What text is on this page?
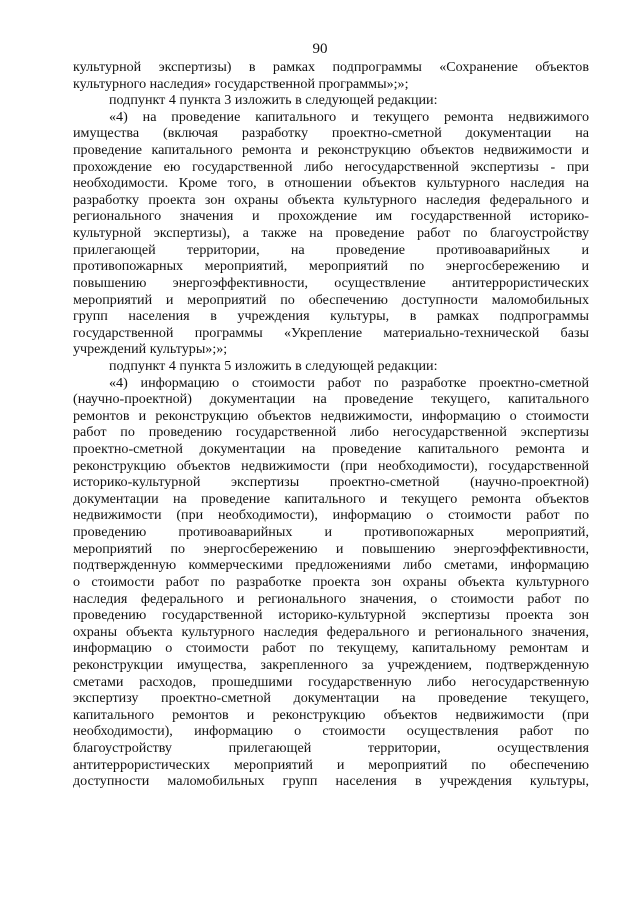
90
культурной экспертизы) в рамках подпрограммы «Сохранение объектов
культурного наследия» государственной программы»;»;
подпункт 4 пункта 3 изложить в следующей редакции:
«4) на проведение капитального и текущего ремонта недвижимого
имущества (включая разработку проектно-сметной документации на
проведение капитального ремонта и реконструкцию объектов недвижимости и
прохождение ею государственной либо негосударственной экспертизы - при
необходимости. Кроме того, в отношении объектов культурного наследия на
разработку проекта зон охраны объекта культурного наследия федерального и
регионального значения и прохождение им государственной историко-
культурной экспертизы), а также на проведение работ по благоустройству
прилегающей территории, на проведение противоаварийных и
противопожарных мероприятий, мероприятий по энергосбережению и
повышению энергоэффективности, осуществление антитеррористических
мероприятий и мероприятий по обеспечению доступности маломобильных
групп населения в учреждения культуры, в рамках подпрограммы
государственной программы «Укрепление материально-технической базы
учреждений культуры»;»;
подпункт 4 пункта 5 изложить в следующей редакции:
«4) информацию о стоимости работ по разработке проектно-сметной
(научно-проектной) документации на проведение текущего, капитального
ремонтов и реконструкцию объектов недвижимости, информацию о стоимости
работ по проведению государственной либо негосударственной экспертизы
проектно-сметной документации на проведение капитального ремонта и
реконструкцию объектов недвижимости (при необходимости), государственной
историко-культурной экспертизы проектно-сметной (научно-проектной)
документации на проведение капитального и текущего ремонта объектов
недвижимости (при необходимости), информацию о стоимости работ по
проведению противоаварийных и противопожарных мероприятий,
мероприятий по энергосбережению и повышению энергоэффективности,
подтвержденную коммерческими предложениями либо сметами, информацию
о стоимости работ по разработке проекта зон охраны объекта культурного
наследия федерального и регионального значения, о стоимости работ по
проведению государственной историко-культурной экспертизы проекта зон
охраны объекта культурного наследия федерального и регионального значения,
информацию о стоимости работ по текущему, капитальному ремонтам и
реконструкции имущества, закрепленного за учреждением, подтвержденную
сметами расходов, прошедшими государственную либо негосударственную
экспертизу проектно-сметной документации на проведение текущего,
капитального ремонтов и реконструкцию объектов недвижимости (при
необходимости), информацию о стоимости осуществления работ по
благоустройству прилегающей территории, осуществления
антитеррористических мероприятий и мероприятий по обеспечению
доступности маломобильных групп населения в учреждения культуры,
